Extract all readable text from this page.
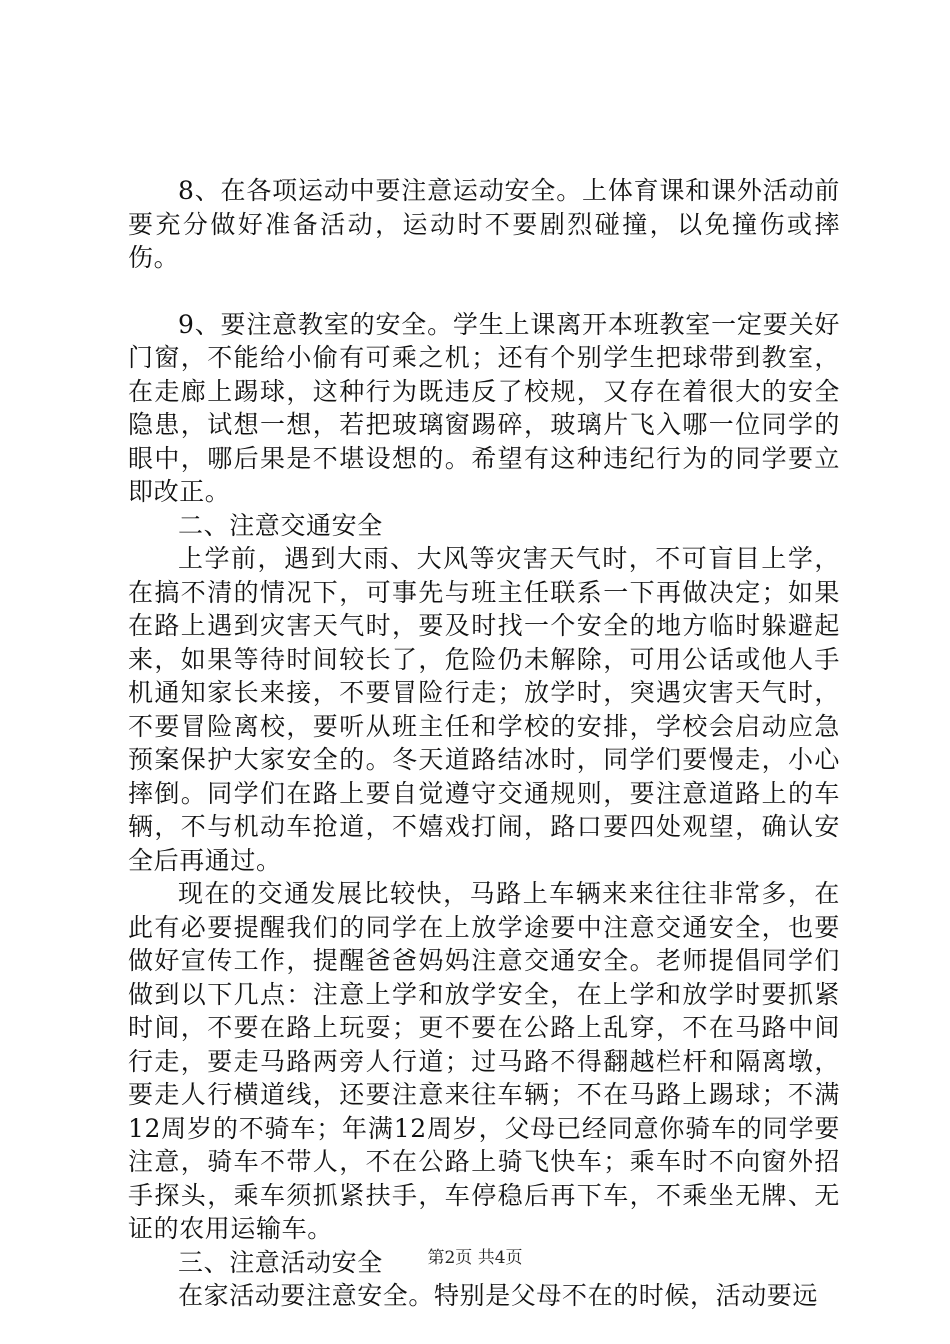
8、在各项运动中要注意运动安全。上体育课和课外活动前要充分做好准备活动，运动时不要剧烈碰撞，以免撞伤或摔伤。

9、要注意教室的安全。学生上课离开本班教室一定要关好门窗，不能给小偷有可乘之机；还有个别学生把球带到教室，在走廊上踢球，这种行为既违反了校规，又存在着很大的安全隐患，试想一想，若把玻璃窗踢碎，玻璃片飞入哪一位同学的眼中，哪后果是不堪设想的。希望有这种违纪行为的同学要立即改正。

二、注意交通安全

上学前，遇到大雨、大风等灾害天气时，不可盲目上学，在搞不清的情况下，可事先与班主任联系一下再做决定；如果在路上遇到灾害天气时，要及时找一个安全的地方临时躲避起来，如果等待时间较长了，危险仍未解除，可用公话或他人手机通知家长来接，不要冒险行走；放学时，突遇灾害天气时，不要冒险离校，要听从班主任和学校的安排，学校会启动应急预案保护大家安全的。冬天道路结冰时，同学们要慢走，小心摔倒。同学们在路上要自觉遵守交通规则，要注意道路上的车辆，不与机动车抢道，不嬉戏打闹，路口要四处观望，确认安全后再通过。

现在的交通发展比较快，马路上车辆来来往往非常多，在此有必要提醒我们的同学在上放学途要中注意交通安全，也要做好宣传工作，提醒爸爸妈妈注意交通安全。老师提倡同学们做到以下几点：注意上学和放学安全，在上学和放学时要抓紧时间，不要在路上玩耍；更不要在公路上乱穿，不在马路中间行走，要走马路两旁人行道；过马路不得翻越栏杆和隔离墩，要走人行横道线，还要注意来往车辆；不在马路上踢球；不满12周岁的不骑车；年满12周岁，父母已经同意你骑车的同学要注意，骑车不带人，不在公路上骑飞快车；乘车时不向窗外招手探头，乘车须抓紧扶手，车停稳后再下车，不乘坐无牌、无证的农用运输车。

三、注意活动安全

在家活动要注意安全。特别是父母不在的时候，活动要远

第2页 共4页
